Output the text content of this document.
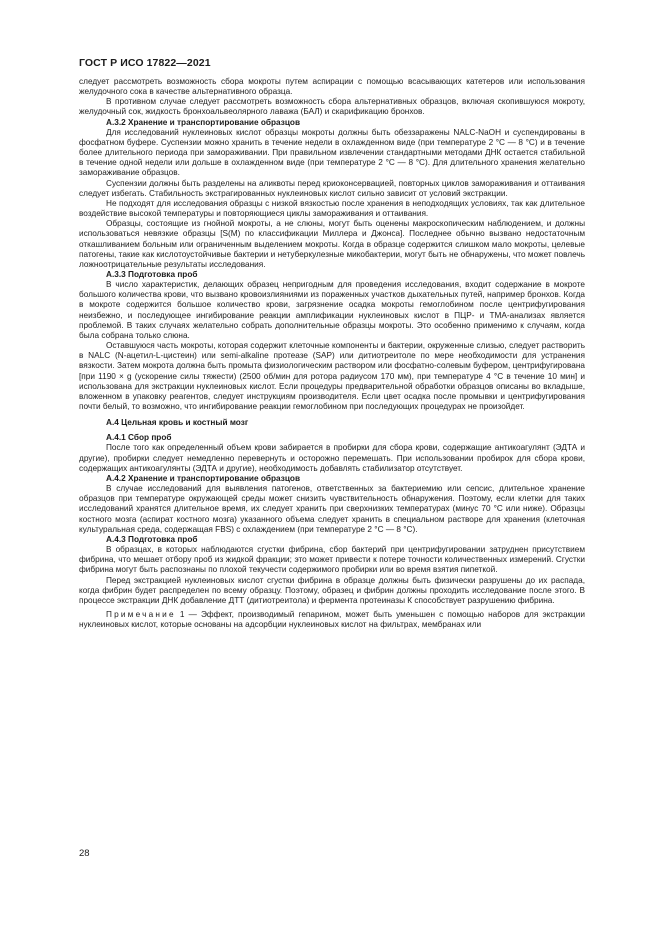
ГОСТ Р ИСО 17822—2021

следует рассмотреть возможность сбора мокроты путем аспирации с помощью всасывающих катетеров или использования желудочного сока в качестве альтернативного образца.

В противном случае следует рассмотреть возможность сбора альтернативных образцов, включая скопившуюся мокроту, желудочный сок, жидкость бронхоальвеолярного лаважа (БАЛ) и скарификацию бронхов.

А.3.2 Хранение и транспортирование образцов

Для исследований нуклеиновых кислот образцы мокроты должны быть обеззаражены NALC-NaOH и суспендированы в фосфатном буфере. Суспензии можно хранить в течение недели в охлажденном виде (при температуре 2 °С — 8 °С) и в течение более длительного периода при замораживании. При правильном извлечении стандартными методами ДНК остается стабильной в течение одной недели или дольше в охлажденном виде (при температуре 2 °С — 8 °С). Для длительного хранения желательно замораживание образцов.

Суспензии должны быть разделены на аликвоты перед криоконсервацией, повторных циклов замораживания и оттаивания следует избегать. Стабильность экстрагированных нуклеиновых кислот сильно зависит от условий экстракции.

Не подходят для исследования образцы с низкой вязкостью после хранения в неподходящих условиях, так как длительное воздействие высокой температуры и повторяющиеся циклы замораживания и оттаивания.

Образцы, состоящие из гнойной мокроты, а не слюны, могут быть оценены макроскопическим наблюдением, и должны использоваться невязкие образцы [S(M) по классификации Миллера и Джонса]. Последнее обычно вызвано недостаточным откашливанием больным или ограниченным выделением мокроты. Когда в образце содержится слишком мало мокроты, целевые патогены, такие как кислотоустойчивые бактерии и нетуберкулезные микобактерии, могут быть не обнаружены, что может повлечь ложноотрицательные результаты исследования.

А.3.3 Подготовка проб

В число характеристик, делающих образец непригодным для проведения исследования, входит содержание в мокроте большого количества крови, что вызвано кровоизлияниями из пораженных участков дыхательных путей, например бронхов. Когда в мокроте содержится большое количество крови, загрязнение осадка мокроты гемоглобином после центрифугирования неизбежно, и последующее ингибирование реакции амплификации нуклеиновых кислот в ПЦР- и ТМА-анализах является проблемой. В таких случаях желательно собрать дополнительные образцы мокроты. Это особенно применимо к случаям, когда была собрана только слюна.

Оставшуюся часть мокроты, которая содержит клеточные компоненты и бактерии, окруженные слизью, следует растворить в NALC (N-ацетил-L-цистеин) или semi-alkaline протеазе (SAP) или дитиотреитоле по мере необходимости для устранения вязкости. Затем мокрота должна быть промыта физиологическим раствором или фосфатно-солевым буфером, центрифугирована [при 1190 × g (ускорение силы тяжести) (2500 об/мин для ротора радиусом 170 мм), при температуре 4 °С в течение 10 мин] и использована для экстракции нуклеиновых кислот. Если процедуры предварительной обработки образцов описаны во вкладыше, вложенном в упаковку реагентов, следует инструкциям производителя. Если цвет осадка после промывки и центрифугирования почти белый, то возможно, что ингибирование реакции гемоглобином при последующих процедурах не произойдет.

А.4 Цельная кровь и костный мозг
А.4.1 Сбор проб

После того как определенный объем крови забирается в пробирки для сбора крови, содержащие антикоагулянт (ЭДТА и другие), пробирки следует немедленно перевернуть и осторожно перемешать. При использовании пробирок для сбора крови, содержащих антикоагулянты (ЭДТА и другие), необходимость добавлять стабилизатор отсутствует.

А.4.2 Хранение и транспортирование образцов

В случае исследований для выявления патогенов, ответственных за бактериемию или сепсис, длительное хранение образцов при температуре окружающей среды может снизить чувствительность обнаружения. Поэтому, если клетки для таких исследований хранятся длительное время, их следует хранить при сверхнизких температурах (минус 70 °С или ниже). Образцы костного мозга (аспират костного мозга) указанного объема следует хранить в специальном растворе для хранения (клеточная культуральная среда, содержащая FBS) с охлаждением (при температуре 2 °С — 8 °С).

А.4.3 Подготовка проб

В образцах, в которых наблюдаются сгустки фибрина, сбор бактерий при центрифугировании затруднен присутствием фибрина, что мешает отбору проб из жидкой фракции; это может привести к потере точности количественных измерений. Сгустки фибрина могут быть распознаны по плохой текучести содержимого пробирки или во время взятия пипеткой.

Перед экстракцией нуклеиновых кислот сгустки фибрина в образце должны быть физически разрушены до их распада, когда фибрин будет распределен по всему образцу. Поэтому, образец и фибрин должны проходить исследование после этого. В процессе экстракции ДНК добавление ДТТ (дитиотреитола) и фермента протеиназы К способствует разрушению фибрина.

Примечание 1 — Эффект, производимый гепарином, может быть уменьшен с помощью наборов для экстракции нуклеиновых кислот, которые основаны на адсорбции нуклеиновых кислот на фильтрах, мембранах или

28
